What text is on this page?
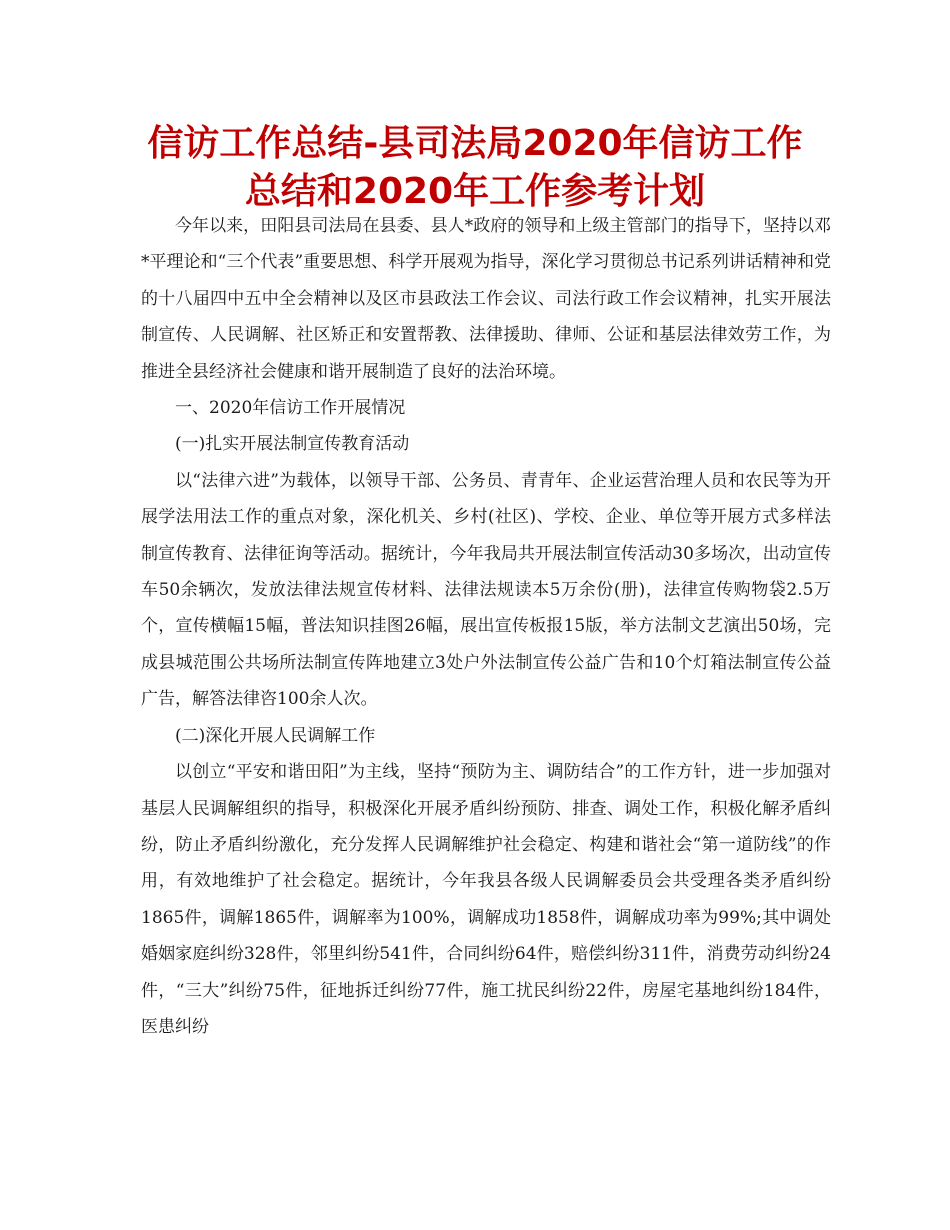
信访工作总结-县司法局2020年信访工作总结和2020年工作参考计划

今年以来，田阳县司法局在县委、县人*政府的领导和上级主管部门的指导下，坚持以邓*平理论和“三个代表”重要思想、科学开展观为指导，深化学习贯彻总书记系列讲话精神和党的十八届四中五中全会精神以及区市县政法工作会议、司法行政工作会议精神，扎实开展法制宣传、人民调解、社区矫正和安置帮教、法律援助、律师、公证和基层法律效劳工作，为推进全县经济社会健康和谐开展制造了良好的法治环境。

一、2020年信访工作开展情况

(一)扎实开展法制宣传教育活动

以“法律六进”为载体，以领导干部、公务员、青青年、企业运营治理人员和农民等为开展学法用法工作的重点对象，深化机关、乡村(社区)、学校、企业、单位等开展方式多样法制宣传教育、法律征询等活动。据统计，今年我局共开展法制宣传活动30多场次，出动宣传车50余辆次，发放法律法规宣传材料、法律法规读本5万余份(册)，法律宣传购物袋2.5万个，宣传横幅15幅，普法知识挂图26幅，展出宣传板报15版，举方法制文艺演出50场，完成县城范围公共场所法制宣传阵地建立3处户外法制宣传公益广告和10个灯箱法制宣传公益广告，解答法律咨100余人次。

(二)深化开展人民调解工作

以创立“平安和谐田阳”为主线，坚持“预防为主、调防结合”的工作方针，进一步加强对基层人民调解组织的指导，积极深化开展矛盾纠纷预防、排查、调处工作，积极化解矛盾纠纷，防止矛盾纠纷激化，充分发挥人民调解维护社会稳定、构建和谐社会“第一道防线”的作用，有效地维护了社会稳定。据统计，今年我县各级人民调解委员会共受理各类矛盾纠纷1865件，调解1865件，调解率为100%，调解成功1858件，调解成功率为99%;其中调处婚姻家庭纠纷328件，邻里纠纷541件，合同纠纷64件，赔偿纠纷311件，消费劳动纠纷24件，“三大”纠纷75件，征地拆迁纠纷77件，施工扰民纠纷22件，房屋宅基地纠纷184件，医患纠纷
